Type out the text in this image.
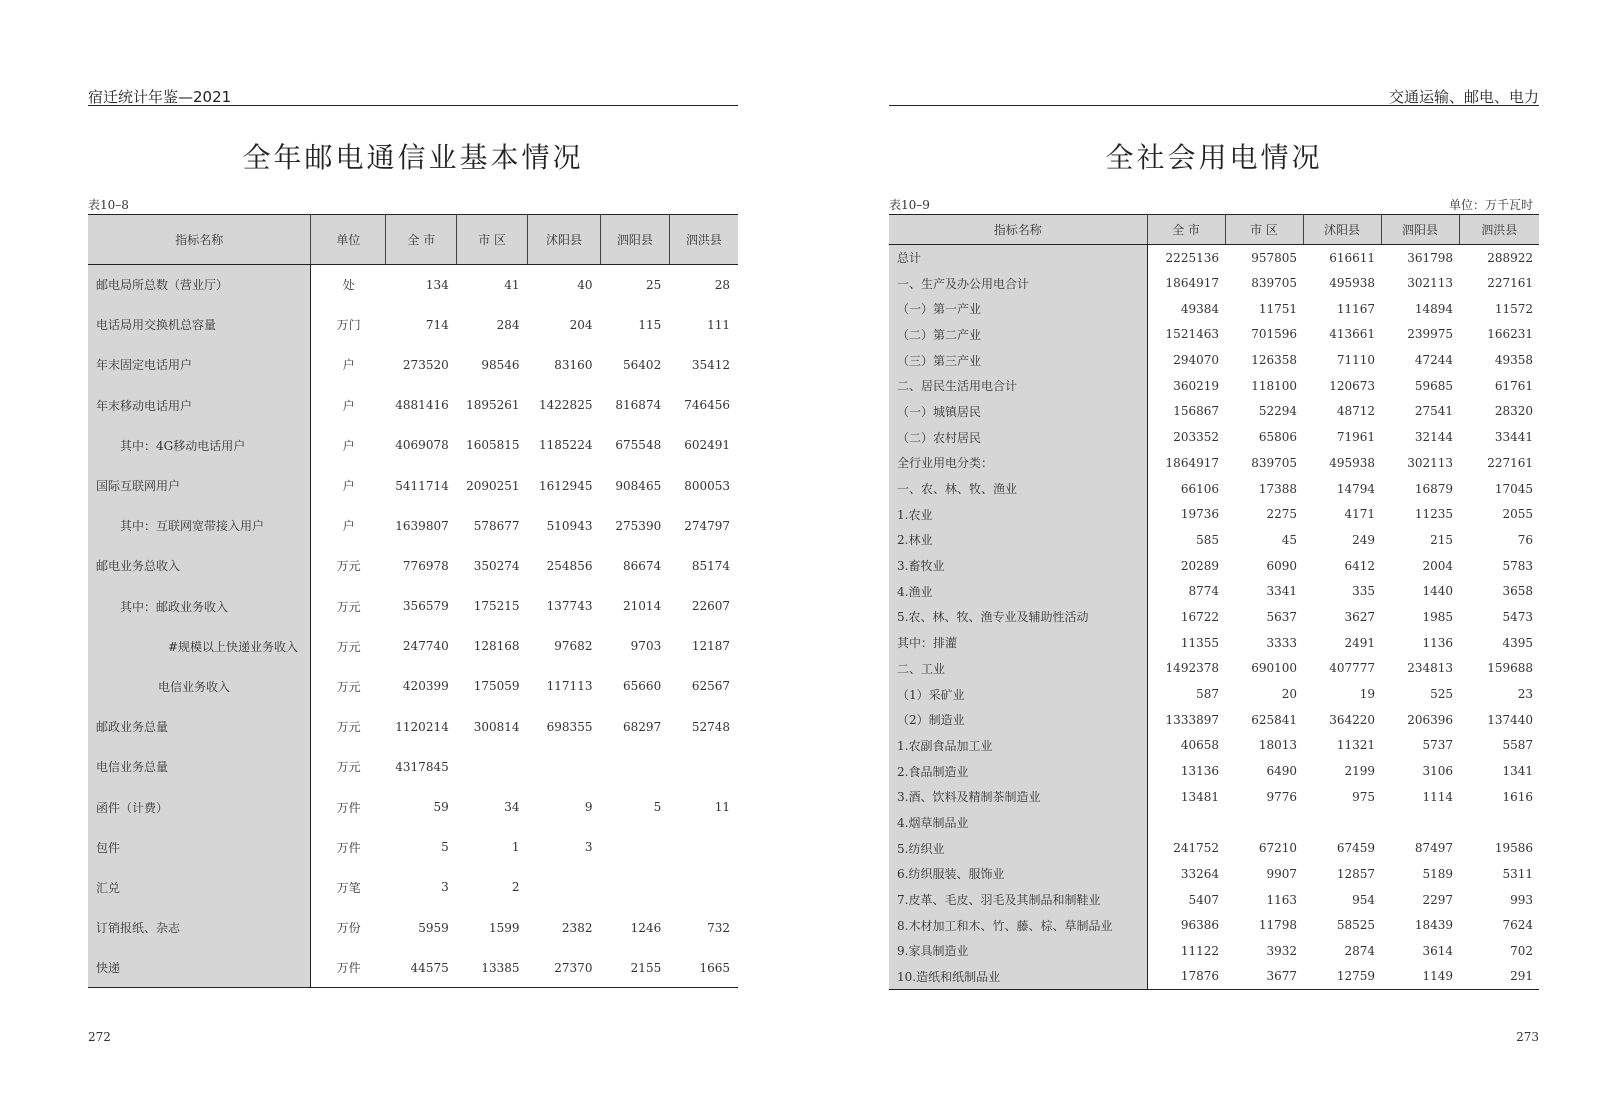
宿迁统计年鉴—2021
全年邮电通信业基本情况
表10–8
指标名称	单位	全 市	市 区	沭阳县	泗阳县	泗洪县
邮电局所总数（营业厅）	处	134	41	40	25	28
电话局用交换机总容量	万门	714	284	204	115	111
年末固定电话用户	户	273520	98546	83160	56402	35412
年末移动电话用户	户	4881416	1895261	1422825	816874	746456
其中：4G移动电话用户	户	4069078	1605815	1185224	675548	602491
国际互联网用户	户	5411714	2090251	1612945	908465	800053
其中：互联网宽带接入用户	户	1639807	578677	510943	275390	274797
邮电业务总收入	万元	776978	350274	254856	86674	85174
其中：邮政业务收入	万元	356579	175215	137743	21014	22607
#规模以上快递业务收入	万元	247740	128168	97682	9703	12187
电信业务收入	万元	420399	175059	117113	65660	62567
邮政业务总量	万元	1120214	300814	698355	68297	52748
电信业务总量	万元	4317845				
函件（计费）	万件	59	34	9	5	11
包件	万件	5	1	3		
汇兑	万笔	3	2			
订销报纸、杂志	万份	5959	1599	2382	1246	732
快递	万件	44575	13385	27370	2155	1665
272
交通运输、邮电、电力
全社会用电情况
表10–9	单位：万千瓦时
指标名称	全 市	市 区	沭阳县	泗阳县	泗洪县
总计	2225136	957805	616611	361798	288922
一、生产及办公用电合计	1864917	839705	495938	302113	227161
（一）第一产业	49384	11751	11167	14894	11572
（二）第二产业	1521463	701596	413661	239975	166231
（三）第三产业	294070	126358	71110	47244	49358
二、居民生活用电合计	360219	118100	120673	59685	61761
（一）城镇居民	156867	52294	48712	27541	28320
（二）农村居民	203352	65806	71961	32144	33441
全行业用电分类：	1864917	839705	495938	302113	227161
一、农、林、牧、渔业	66106	17388	14794	16879	17045
1.农业	19736	2275	4171	11235	2055
2.林业	585	45	249	215	76
3.畜牧业	20289	6090	6412	2004	5783
4.渔业	8774	3341	335	1440	3658
5.农、林、牧、渔专业及辅助性活动	16722	5637	3627	1985	5473
其中：排灌	11355	3333	2491	1136	4395
二、工业	1492378	690100	407777	234813	159688
（1）采矿业	587	20	19	525	23
（2）制造业	1333897	625841	364220	206396	137440
1.农副食品加工业	40658	18013	11321	5737	5587
2.食品制造业	13136	6490	2199	3106	1341
3.酒、饮料及精制茶制造业	13481	9776	975	1114	1616
4.烟草制品业					
5.纺织业	241752	67210	67459	87497	19586
6.纺织服装、服饰业	33264	9907	12857	5189	5311
7.皮革、毛皮、羽毛及其制品和制鞋业	5407	1163	954	2297	993
8.木材加工和木、竹、藤、棕、草制品业	96386	11798	58525	18439	7624
9.家具制造业	11122	3932	2874	3614	702
10.造纸和纸制品业	17876	3677	12759	1149	291
273
